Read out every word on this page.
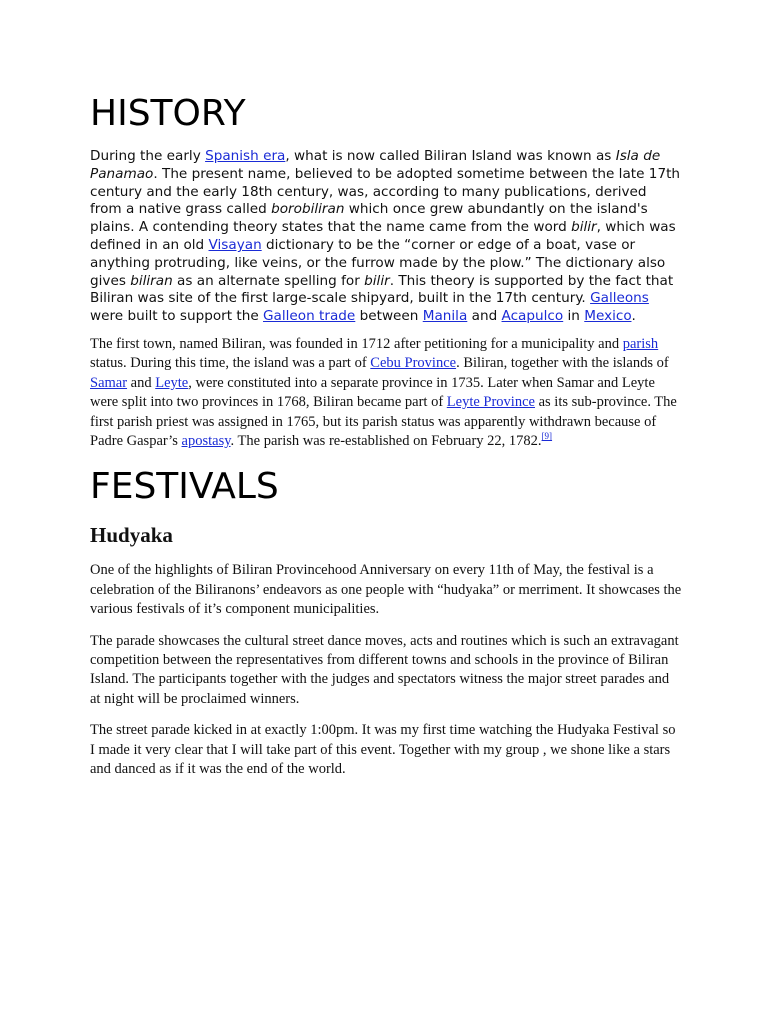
HISTORY

During the early Spanish era, what is now called Biliran Island was known as Isla de Panamao. The present name, believed to be adopted sometime between the late 17th century and the early 18th century, was, according to many publications, derived from a native grass called borobiliran which once grew abundantly on the island's plains. A contending theory states that the name came from the word bilir, which was defined in an old Visayan dictionary to be the “corner or edge of a boat, vase or anything protruding, like veins, or the furrow made by the plow.” The dictionary also gives biliran as an alternate spelling for bilir. This theory is supported by the fact that Biliran was site of the first large-scale shipyard, built in the 17th century. Galleons were built to support the Galleon trade between Manila and Acapulco in Mexico.

The first town, named Biliran, was founded in 1712 after petitioning for a municipality and parish status. During this time, the island was a part of Cebu Province. Biliran, together with the islands of Samar and Leyte, were constituted into a separate province in 1735. Later when Samar and Leyte were split into two provinces in 1768, Biliran became part of Leyte Province as its sub-province. The first parish priest was assigned in 1765, but its parish status was apparently withdrawn because of Padre Gaspar’s apostasy. The parish was re-established on February 22, 1782.[9]

FESTIVALS
Hudyaka

One of the highlights of Biliran Provincehood Anniversary on every 11th of May, the festival is a celebration of the Biliranons’ endeavors as one people with “hudyaka” or merriment. It showcases the various festivals of it’s component municipalities.

The parade showcases the cultural street dance moves, acts and routines which is such an extravagant competition between the representatives from different towns and schools in the province of Biliran Island. The participants together with the judges and spectators witness the major street parades and at night will be proclaimed winners.

The street parade kicked in at exactly 1:00pm. It was my first time watching the Hudyaka Festival so I made it very clear that I will take part of this event. Together with my group , we shone like a stars and danced as if it was the end of the world.
